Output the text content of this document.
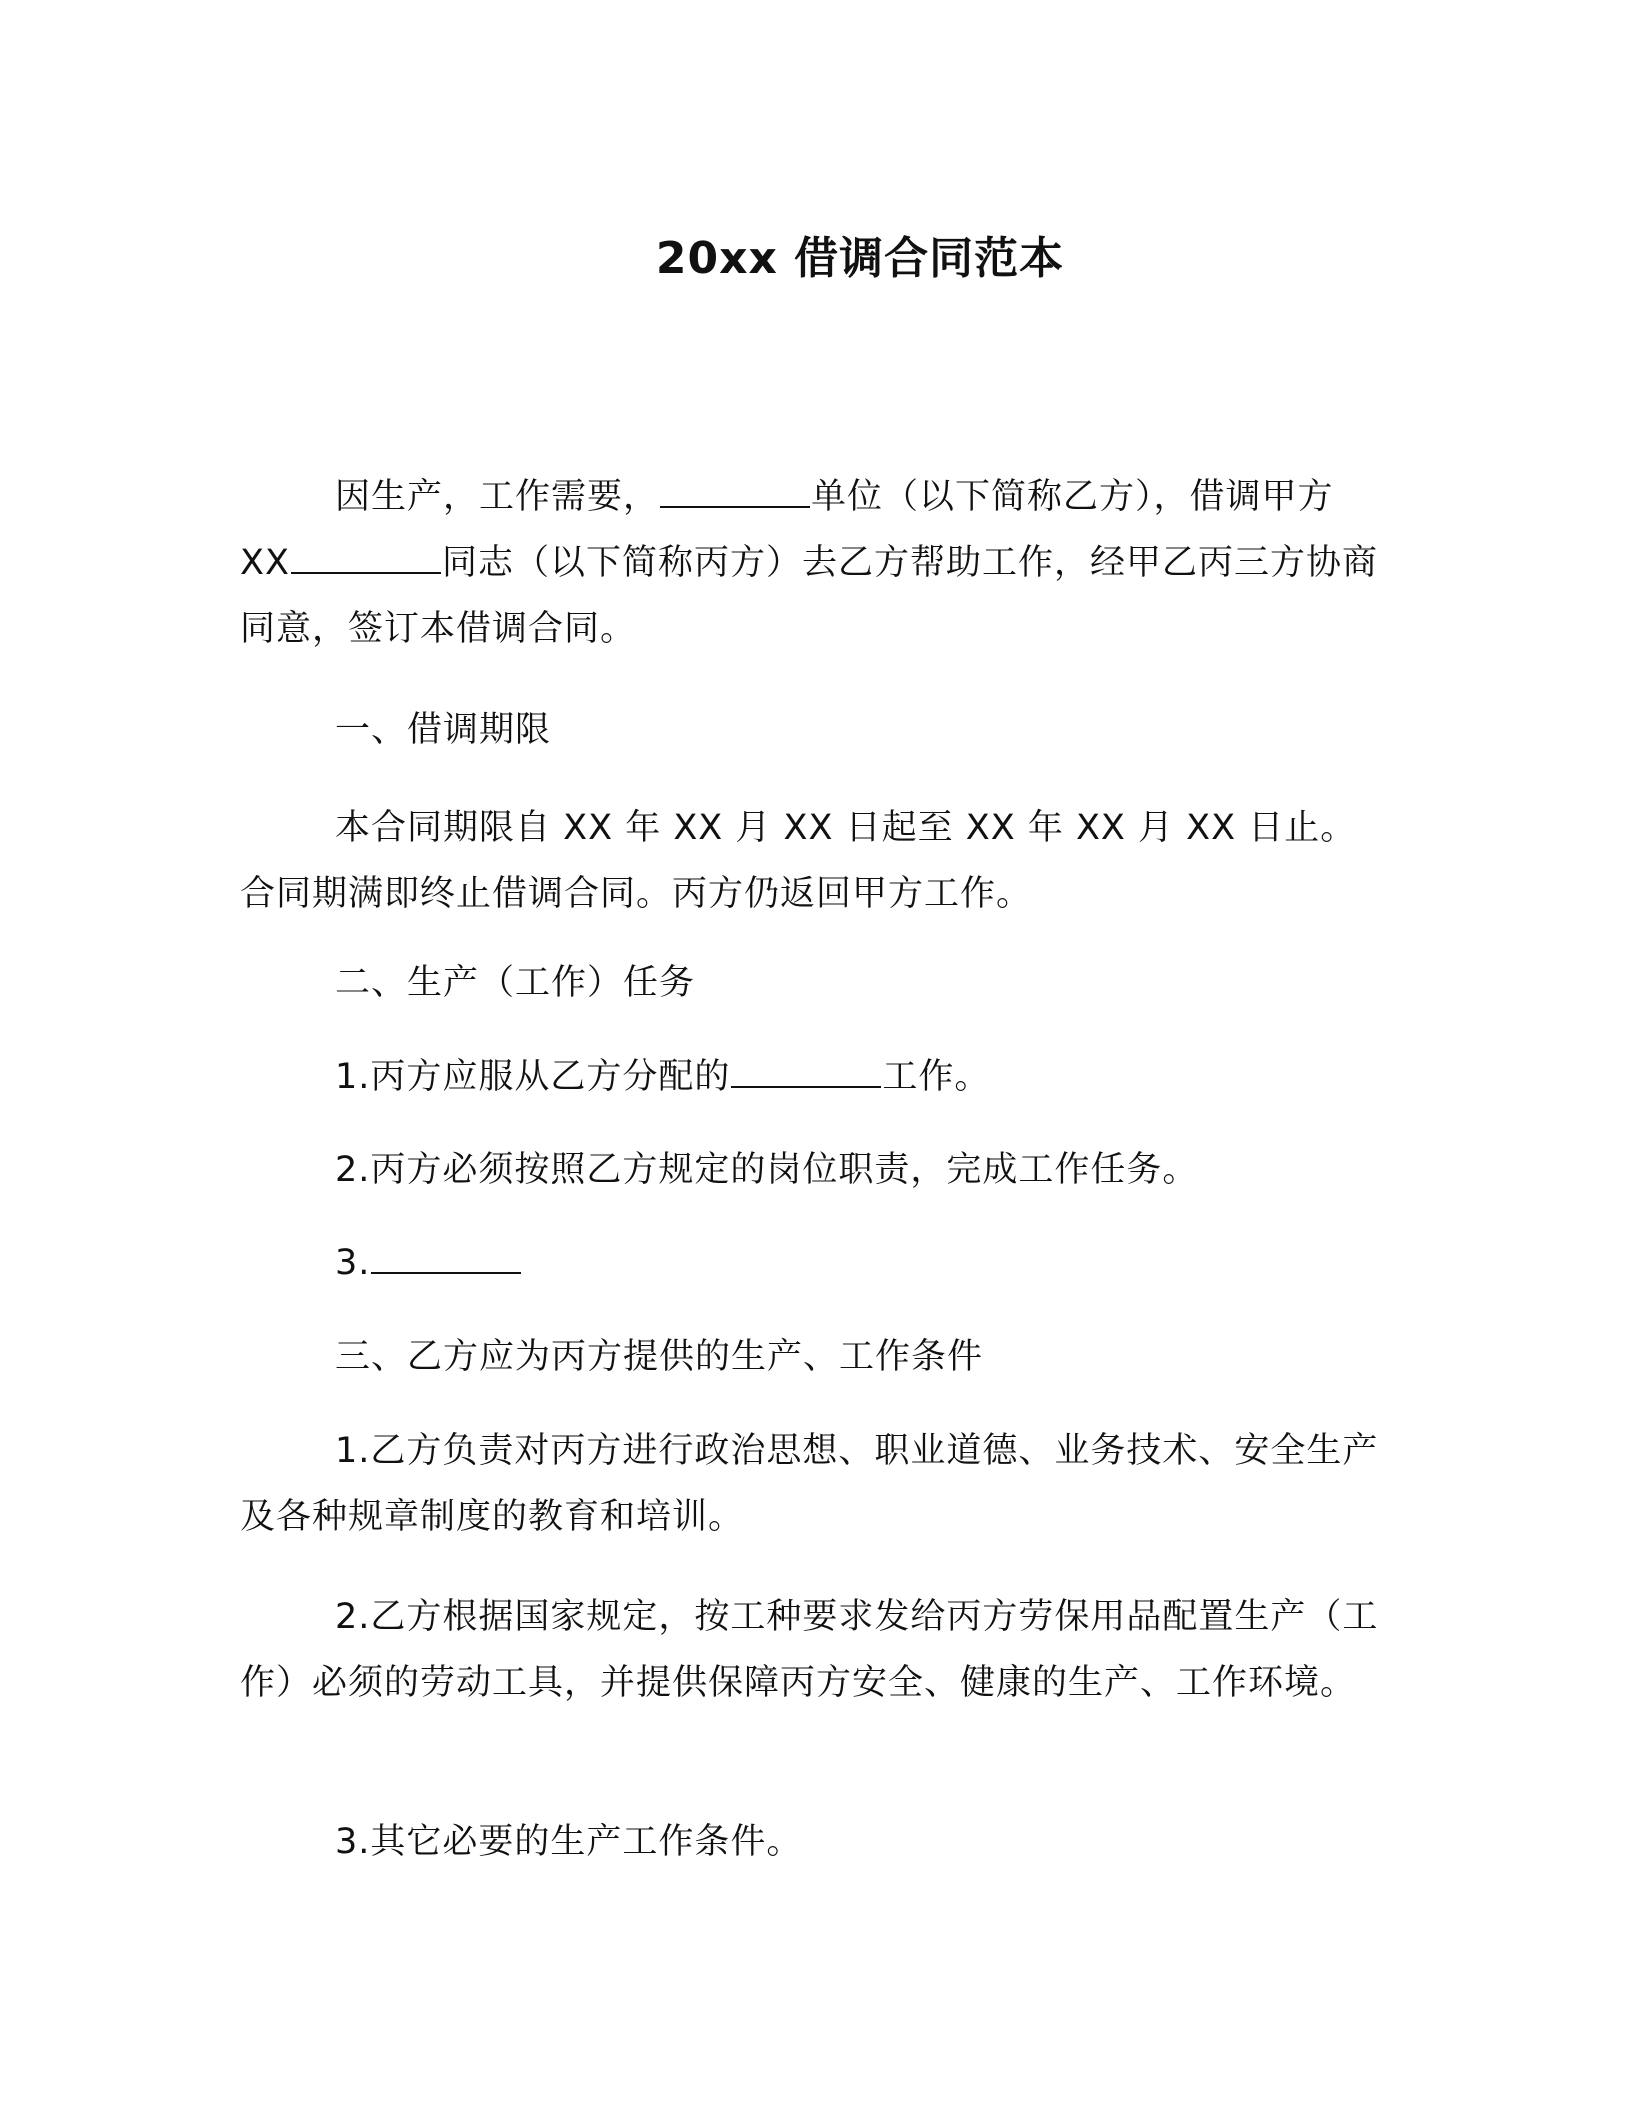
20xx 借调合同范本
因生产，工作需要，	单位（以下简称乙方），借调甲方XX	同志（以下简称丙方）去乙方帮助工作，经甲乙丙三方协商同意，签订本借调合同。
一、借调期限
本合同期限自 XX 年 XX 月 XX 日起至 XX 年 XX 月 XX 日止。合同期满即终止借调合同。丙方仍返回甲方工作。
二、生产（工作）任务
1.丙方应服从乙方分配的	工作。
2.丙方必须按照乙方规定的岗位职责，完成工作任务。
3.
三、乙方应为丙方提供的生产、工作条件
1.乙方负责对丙方进行政治思想、职业道德、业务技术、安全生产及各种规章制度的教育和培训。
2.乙方根据国家规定，按工种要求发给丙方劳保用品配置生产（工作）必须的劳动工具，并提供保障丙方安全、健康的生产、工作环境。
3.其它必要的生产工作条件。
